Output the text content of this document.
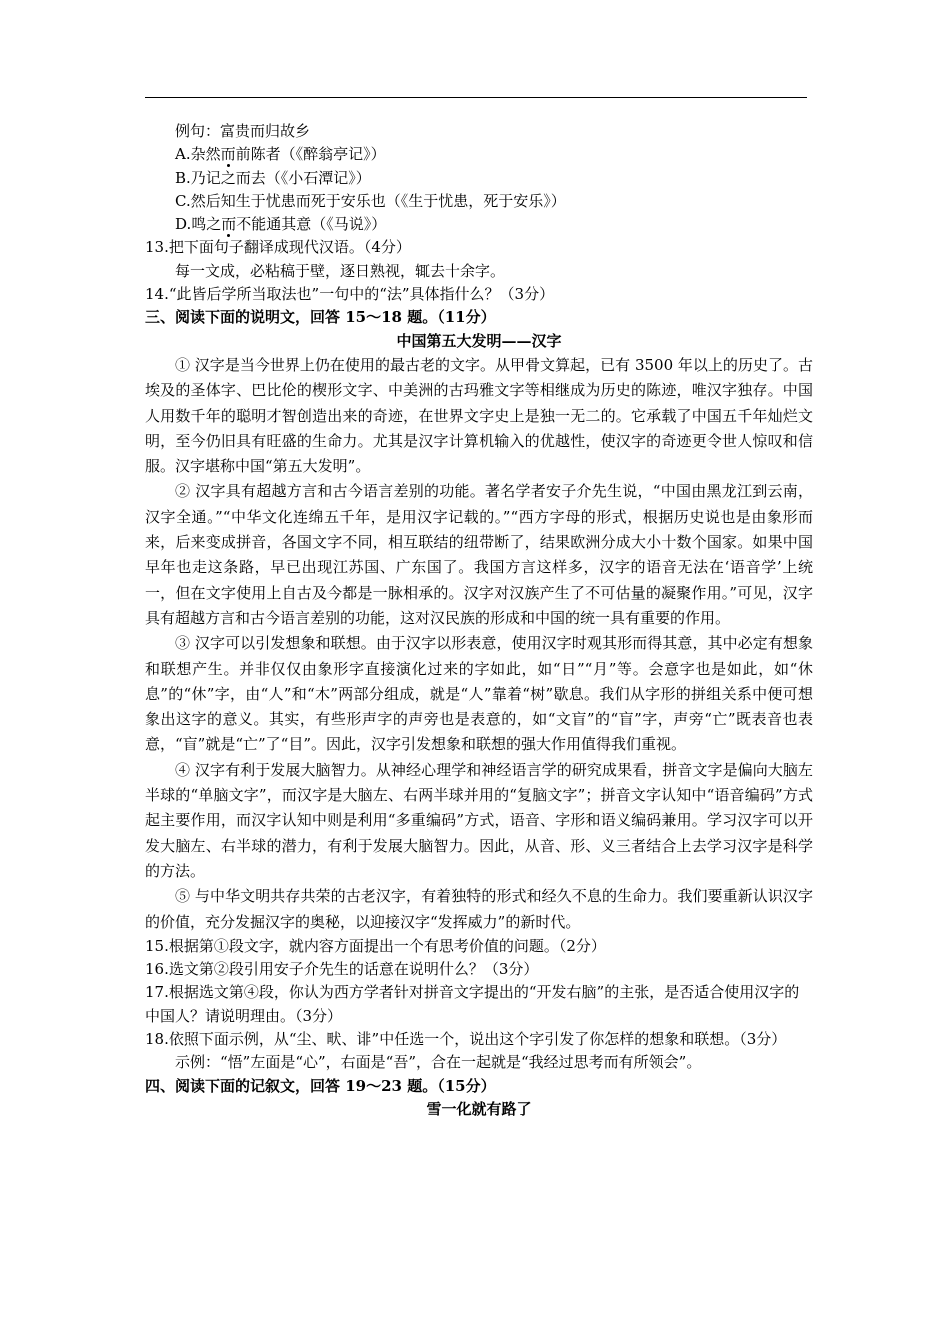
例句：富贵而归故乡
A.杂然而前陈者（《醉翁亭记》）
B.乃记之而去（《小石潭记》）
C.然后知生于忧患而死于安乐也（《生于忧患，死于安乐》）
D.鸣之而不能通其意（《马说》）
13.把下面句子翻译成现代汉语。（4分）
每一文成，必粘稿于壁，逐日熟视，辄去十余字。
14.“此皆后学所当取法也”一句中的“法”具体指什么？（3分）
三、阅读下面的说明文，回答 15～18 题。（11分）
中国第五大发明——汉字
① 汉字是当今世界上仍在使用的最古老的文字。从甲骨文算起，已有 3500 年以上的历史了。古埃及的圣体字、巴比伦的楔形文字、中美洲的古玛雅文字等相继成为历史的陈迹，唯汉字独存。中国人用数千年的聪明才智创造出来的奇迹，在世界文字史上是独一无二的。它承载了中国五千年灿烂文明，至今仍旧具有旺盛的生命力。尤其是汉字计算机输入的优越性，使汉字的奇迹更令世人惊叹和信服。汉字堪称中国“第五大发明”。
② 汉字具有超越方言和古今语言差别的功能。著名学者安子介先生说，“中国由黑龙江到云南，汉字全通。”“中华文化连绵五千年，是用汉字记载的。”“西方字母的形式，根据历史说也是由象形而来，后来变成拼音，各国文字不同，相互联结的纽带断了，结果欧洲分成大小十数个国家。如果中国早年也走这条路，早已出现江苏国、广东国了。我国方言这样多，汉字的语音无法在‘语音学’上统一，但在文字使用上自古及今都是一脉相承的。汉字对汉族产生了不可估量的凝聚作用。”可见，汉字具有超越方言和古今语言差别的功能，这对汉民族的形成和中国的统一具有重要的作用。
③ 汉字可以引发想象和联想。由于汉字以形表意，使用汉字时观其形而得其意，其中必定有想象和联想产生。并非仅仅由象形字直接演化过来的字如此，如“日”“月”等。会意字也是如此，如“休息”的“休”字，由“人”和“木”两部分组成，就是“人”靠着“树”歇息。我们从字形的拼组关系中便可想象出这字的意义。其实，有些形声字的声旁也是表意的，如“文盲”的“盲”字，声旁“亡”既表音也表意，“盲”就是“亡”了“目”。因此，汉字引发想象和联想的强大作用值得我们重视。
④ 汉字有利于发展大脑智力。从神经心理学和神经语言学的研究成果看，拼音文字是偏向大脑左半球的“单脑文字”，而汉字是大脑左、右两半球并用的“复脑文字”；拼音文字认知中“语音编码”方式起主要作用，而汉字认知中则是利用“多重编码”方式，语音、字形和语义编码兼用。学习汉字可以开发大脑左、右半球的潜力，有利于发展大脑智力。因此，从音、形、义三者结合上去学习汉字是科学的方法。
⑤ 与中华文明共存共荣的古老汉字，有着独特的形式和经久不息的生命力。我们要重新认识汉字的价值，充分发掘汉字的奥秘，以迎接汉字“发挥威力”的新时代。
15.根据第①段文字，就内容方面提出一个有思考价值的问题。（2分）
16.选文第②段引用安子介先生的话意在说明什么？（3分）
17.根据选文第④段，你认为西方学者针对拼音文字提出的“开发右脑”的主张，是否适合使用汉字的中国人？请说明理由。（3分）
18.依照下面示例，从“尘、畎、诽”中任选一个，说出这个字引发了你怎样的想象和联想。（3分）
示例：“悟”左面是“心”，右面是“吾”，合在一起就是“我经过思考而有所领会”。
四、阅读下面的记叙文，回答 19～23 题。（15分）
雪一化就有路了
